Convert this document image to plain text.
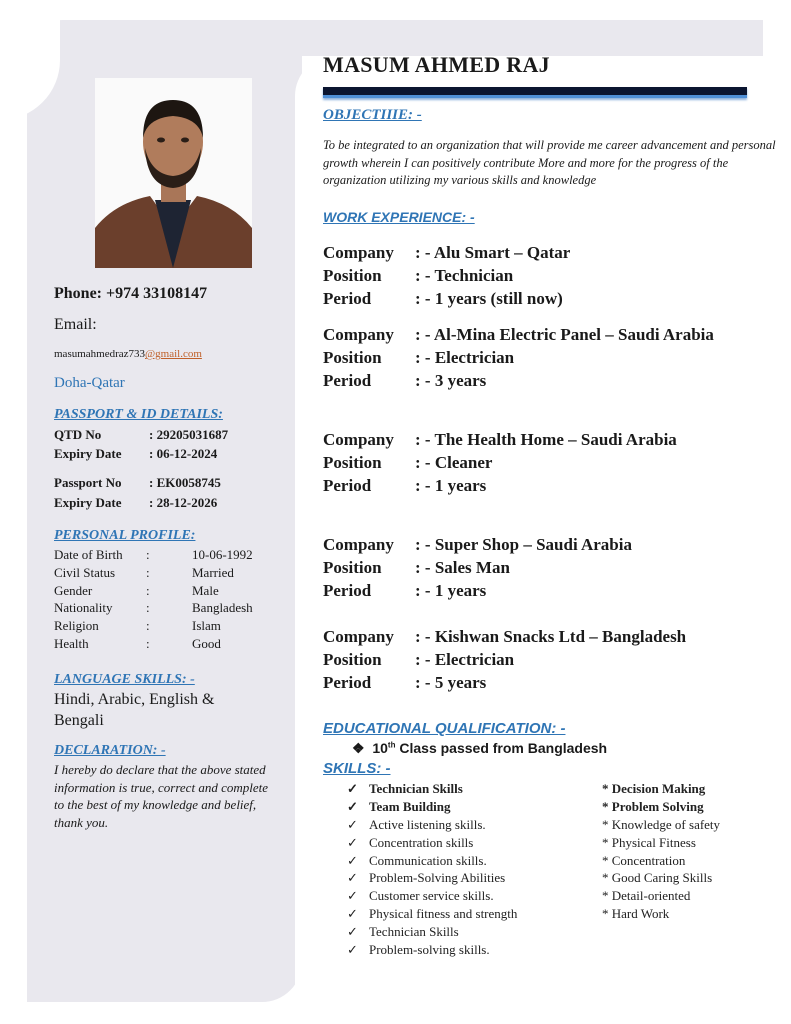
Phone: +974 33108147
Email:
masumahmedraz733@gmail.com
Doha-Qatar
PASSPORT & ID DETAILS:
QTD No	: 29205031687
Expiry Date : 06-12-2024
Passport No : EK0058745
Expiry Date : 28-12-2026
PERSONAL PROFILE:
Date of Birth	:	10-06-1992
Civil Status	:	Married
Gender	:	Male
Nationality	:	Bangladesh
Religion	:	Islam
Health	:	Good
LANGUAGE SKILLS: -
Hindi, Arabic, English & Bengali
DECLARATION: -
I hereby do declare that the above stated information is true, correct and complete to the best of my knowledge and belief, thank you.
MASUM AHMED RAJ
OBJECTIIIE: -
To be integrated to an organization that will provide me career advancement and personal growth wherein I can positively contribute More and more for the progress of the organization utilizing my various skills and knowledge
WORK EXPERIENCE: -
Company	: - Alu Smart – Qatar
Position	: - Technician
Period	: - 1 years (still now)
Company	: - Al-Mina Electric Panel – Saudi Arabia
Position	: - Electrician
Period	: - 3 years
Company	: - The Health Home – Saudi Arabia
Position	: - Cleaner
Period	: - 1 years
Company	: - Super Shop – Saudi Arabia
Position	: - Sales Man
Period	: - 1 years
Company	: - Kishwan Snacks Ltd – Bangladesh
Position	: - Electrician
Period	: - 5 years
EDUCATIONAL QUALIFICATION: -
❖ 10th Class passed from Bangladesh
SKILLS: -
✓ Technician Skills
✓ Team Building
✓ Active listening skills.
✓ Concentration skills
✓ Communication skills.
✓ Problem-Solving Abilities
✓ Customer service skills.
✓ Physical fitness and strength
✓ Technician Skills
✓ Problem-solving skills.
*
Decision Making
*
Problem Solving
*
Knowledge of safety
*
Physical Fitness
*
Concentration
*
Good Caring Skills
*
Detail-oriented
*
Hard Work
